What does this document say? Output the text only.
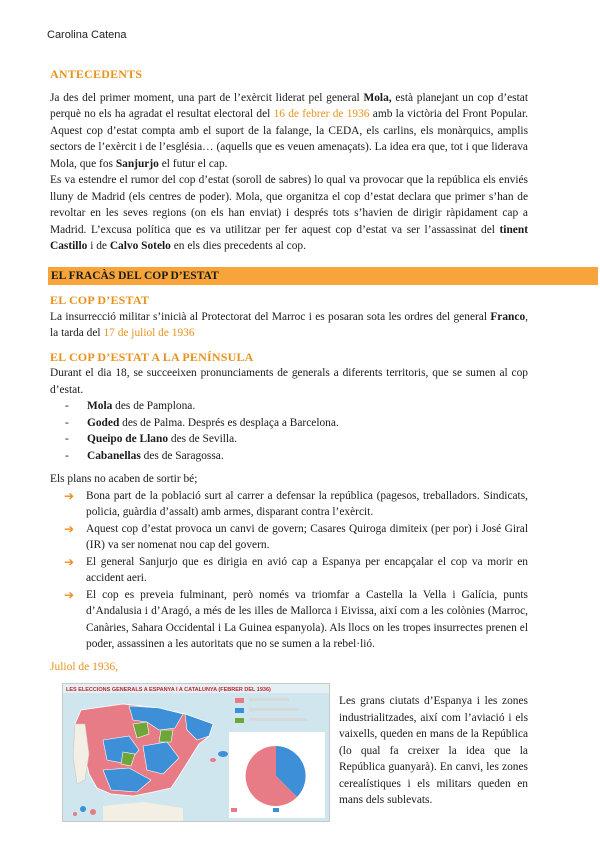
Carolina Catena
ANTECEDENTS

Ja des del primer moment, una part de l’exèrcit liderat pel general Mola, està planejant un cop d’estat perquè no els ha agradat el resultat electoral del 16 de febrer de 1936 amb la victòria del Front Popular. Aquest cop d’estat compta amb el suport de la falange, la CEDA, els carlins, els monàrquics, amplis sectors de l’exèrcit i de l’església… (aquells que es veuen amenaçats). La idea era que, tot i que liderava Mola, que fos Sanjurjo el futur el cap.

Es va estendre el rumor del cop d’estat (soroll de sabres) lo qual va provocar que la república els enviés lluny de Madrid (els centres de poder). Mola, que organitza el cop d’estat declara que primer s’han de revoltar en les seves regions (on els han enviat) i després tots s’havien de dirigir ràpidament cap a Madrid. L’excusa política que es va utilitzar per fer aquest cop d’estat va ser l’assassinat del tinent Castillo i de Calvo Sotelo en els dies precedents al cop.

EL FRACÀS DEL COP D’ESTAT
EL COP D’ESTAT

La insurrecció militar s’inicià al Protectorat del Marroc i es posaran sota les ordres del general Franco, la tarda del 17 de juliol de 1936

EL COP D’ESTAT A LA PENÍNSULA

Durant el dia 18, se succeeixen pronunciaments de generals a diferents territoris, que se sumen al cop d’estat.

- Mola des de Pamplona.
- Goded des de Palma. Després es desplaça a Barcelona.
- Queipo de Llano des de Sevilla.
- Cabanellas des de Saragossa.

Els plans no acaben de sortir bé;

➔ Bona part de la població surt al carrer a defensar la república (pagesos, treballadors. Sindicats, policia, guàrdia d’assalt) amb armes, disparant contra l’exèrcit.
➔ Aquest cop d’estat provoca un canvi de govern; Casares Quiroga dimiteix (per por) i José Giral (IR) va ser nomenat nou cap del govern.
➔ El general Sanjurjo que es dirigia en avió cap a Espanya per encapçalar el cop va morir en accident aeri.
➔ El cop es preveia fulminant, però només va triomfar a Castella la Vella i Galícia, punts d’Andalusia i d’Aragó, a més de les illes de Mallorca i Eivissa, així com a les colònies (Marroc, Canàries, Sahara Occidental i La Guinea espanyola). Als llocs on les tropes insurrectes prenen el poder, assassinen a les autoritats que no se sumen a la rebel·lió.
Juliol de 1936,
LES ELECCIONS GENERALS A ESPANYA I A CATALUNYA (FEBRER DEL 1936)

Les grans ciutats d’Espanya i les zones industrialitzades, així com l’aviació i els vaixells, queden en mans de la República (lo qual fa creixer la idea que la República guanyarà). En canvi, les zones cerealístiques i els militars queden en mans dels sublevats.
